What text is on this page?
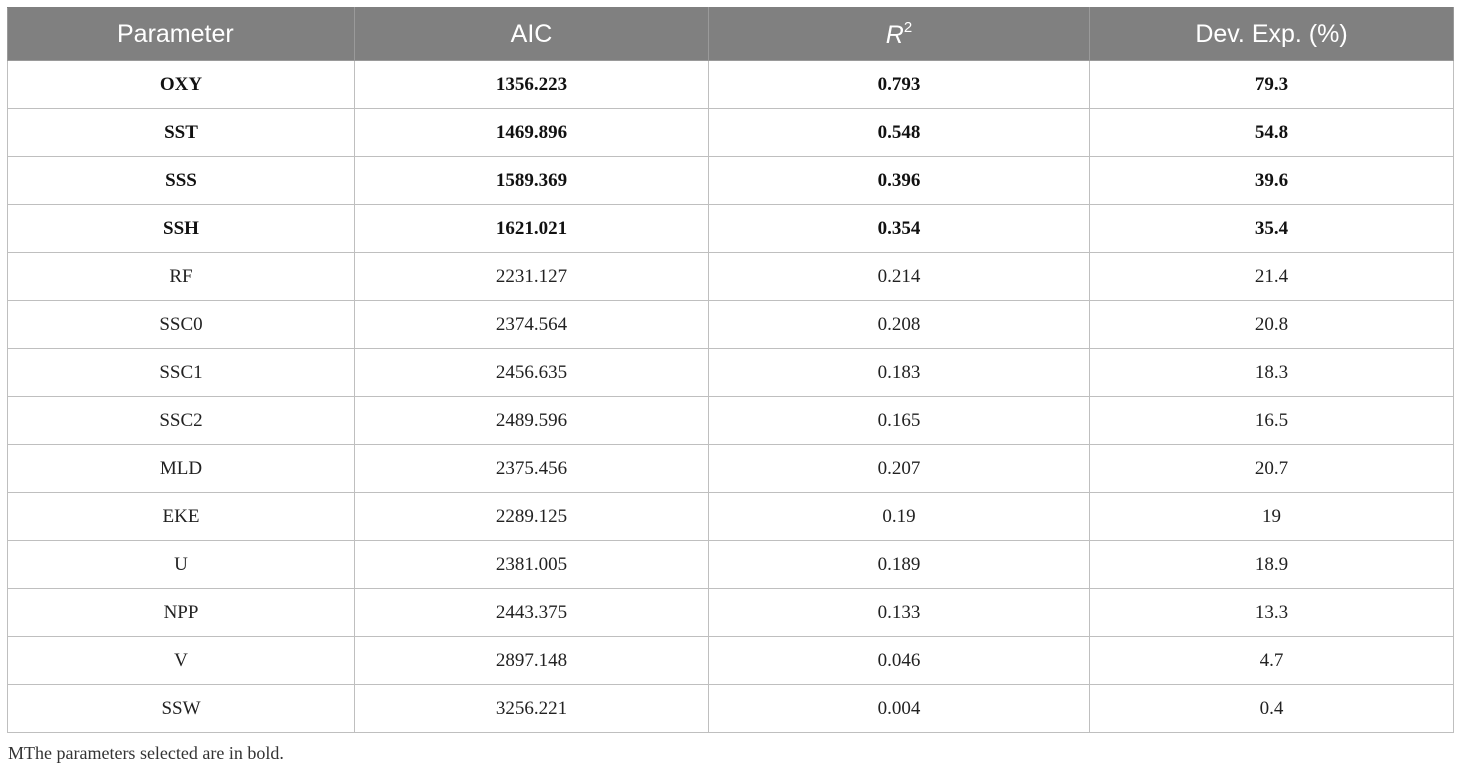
Parameter	AIC	$R^2$	Dev. Exp. (%)
OXY	1356.223	0.793	79.3
SST	1469.896	0.548	54.8
SSS	1589.369	0.396	39.6
SSH	1621.021	0.354	35.4
RF	2231.127	0.214	21.4
SSC0	2374.564	0.208	20.8
SSC1	2456.635	0.183	18.3
SSC2	2489.596	0.165	16.5
MLD	2375.456	0.207	20.7
EKE	2289.125	0.19	19
U	2381.005	0.189	18.9
NPP	2443.375	0.133	13.3
V	2897.148	0.046	4.7
SSW	3256.221	0.004	0.4
MThe parameters selected are in bold.
